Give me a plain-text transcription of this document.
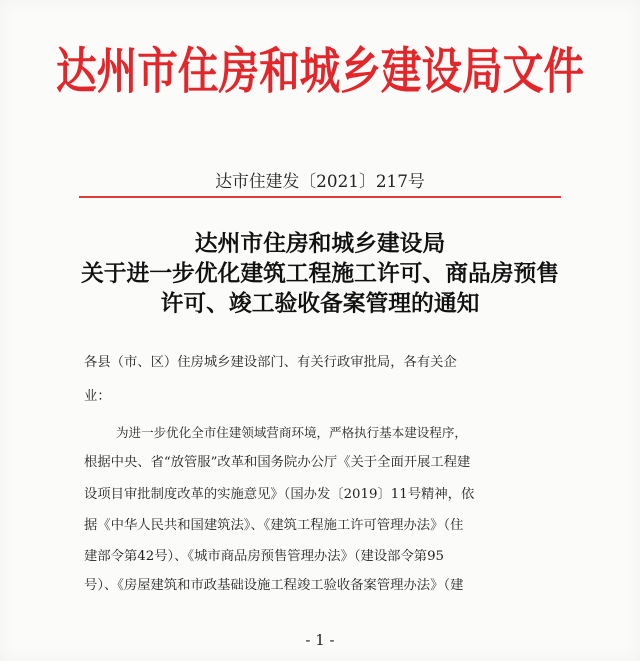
达州市住房和城乡建设局文件
达市住建发〔2021〕217号
达州市住房和城乡建设局
关于进一步优化建筑工程施工许可、商品房预售
许可、竣工验收备案管理的通知
各县（市、区）住房城乡建设部门、有关行政审批局，各有关企
业：
为进一步优化全市住建领域营商环境，严格执行基本建设程序，
根据中央、省“放管服”改革和国务院办公厅《关于全面开展工程建
设项目审批制度改革的实施意见》（国办发〔2019〕11号精神，依
据《中华人民共和国建筑法》、《建筑工程施工许可管理办法》（住
建部令第42号）、《城市商品房预售管理办法》（建设部令第95
号）、《房屋建筑和市政基础设施工程竣工验收备案管理办法》（建
- 1 -
